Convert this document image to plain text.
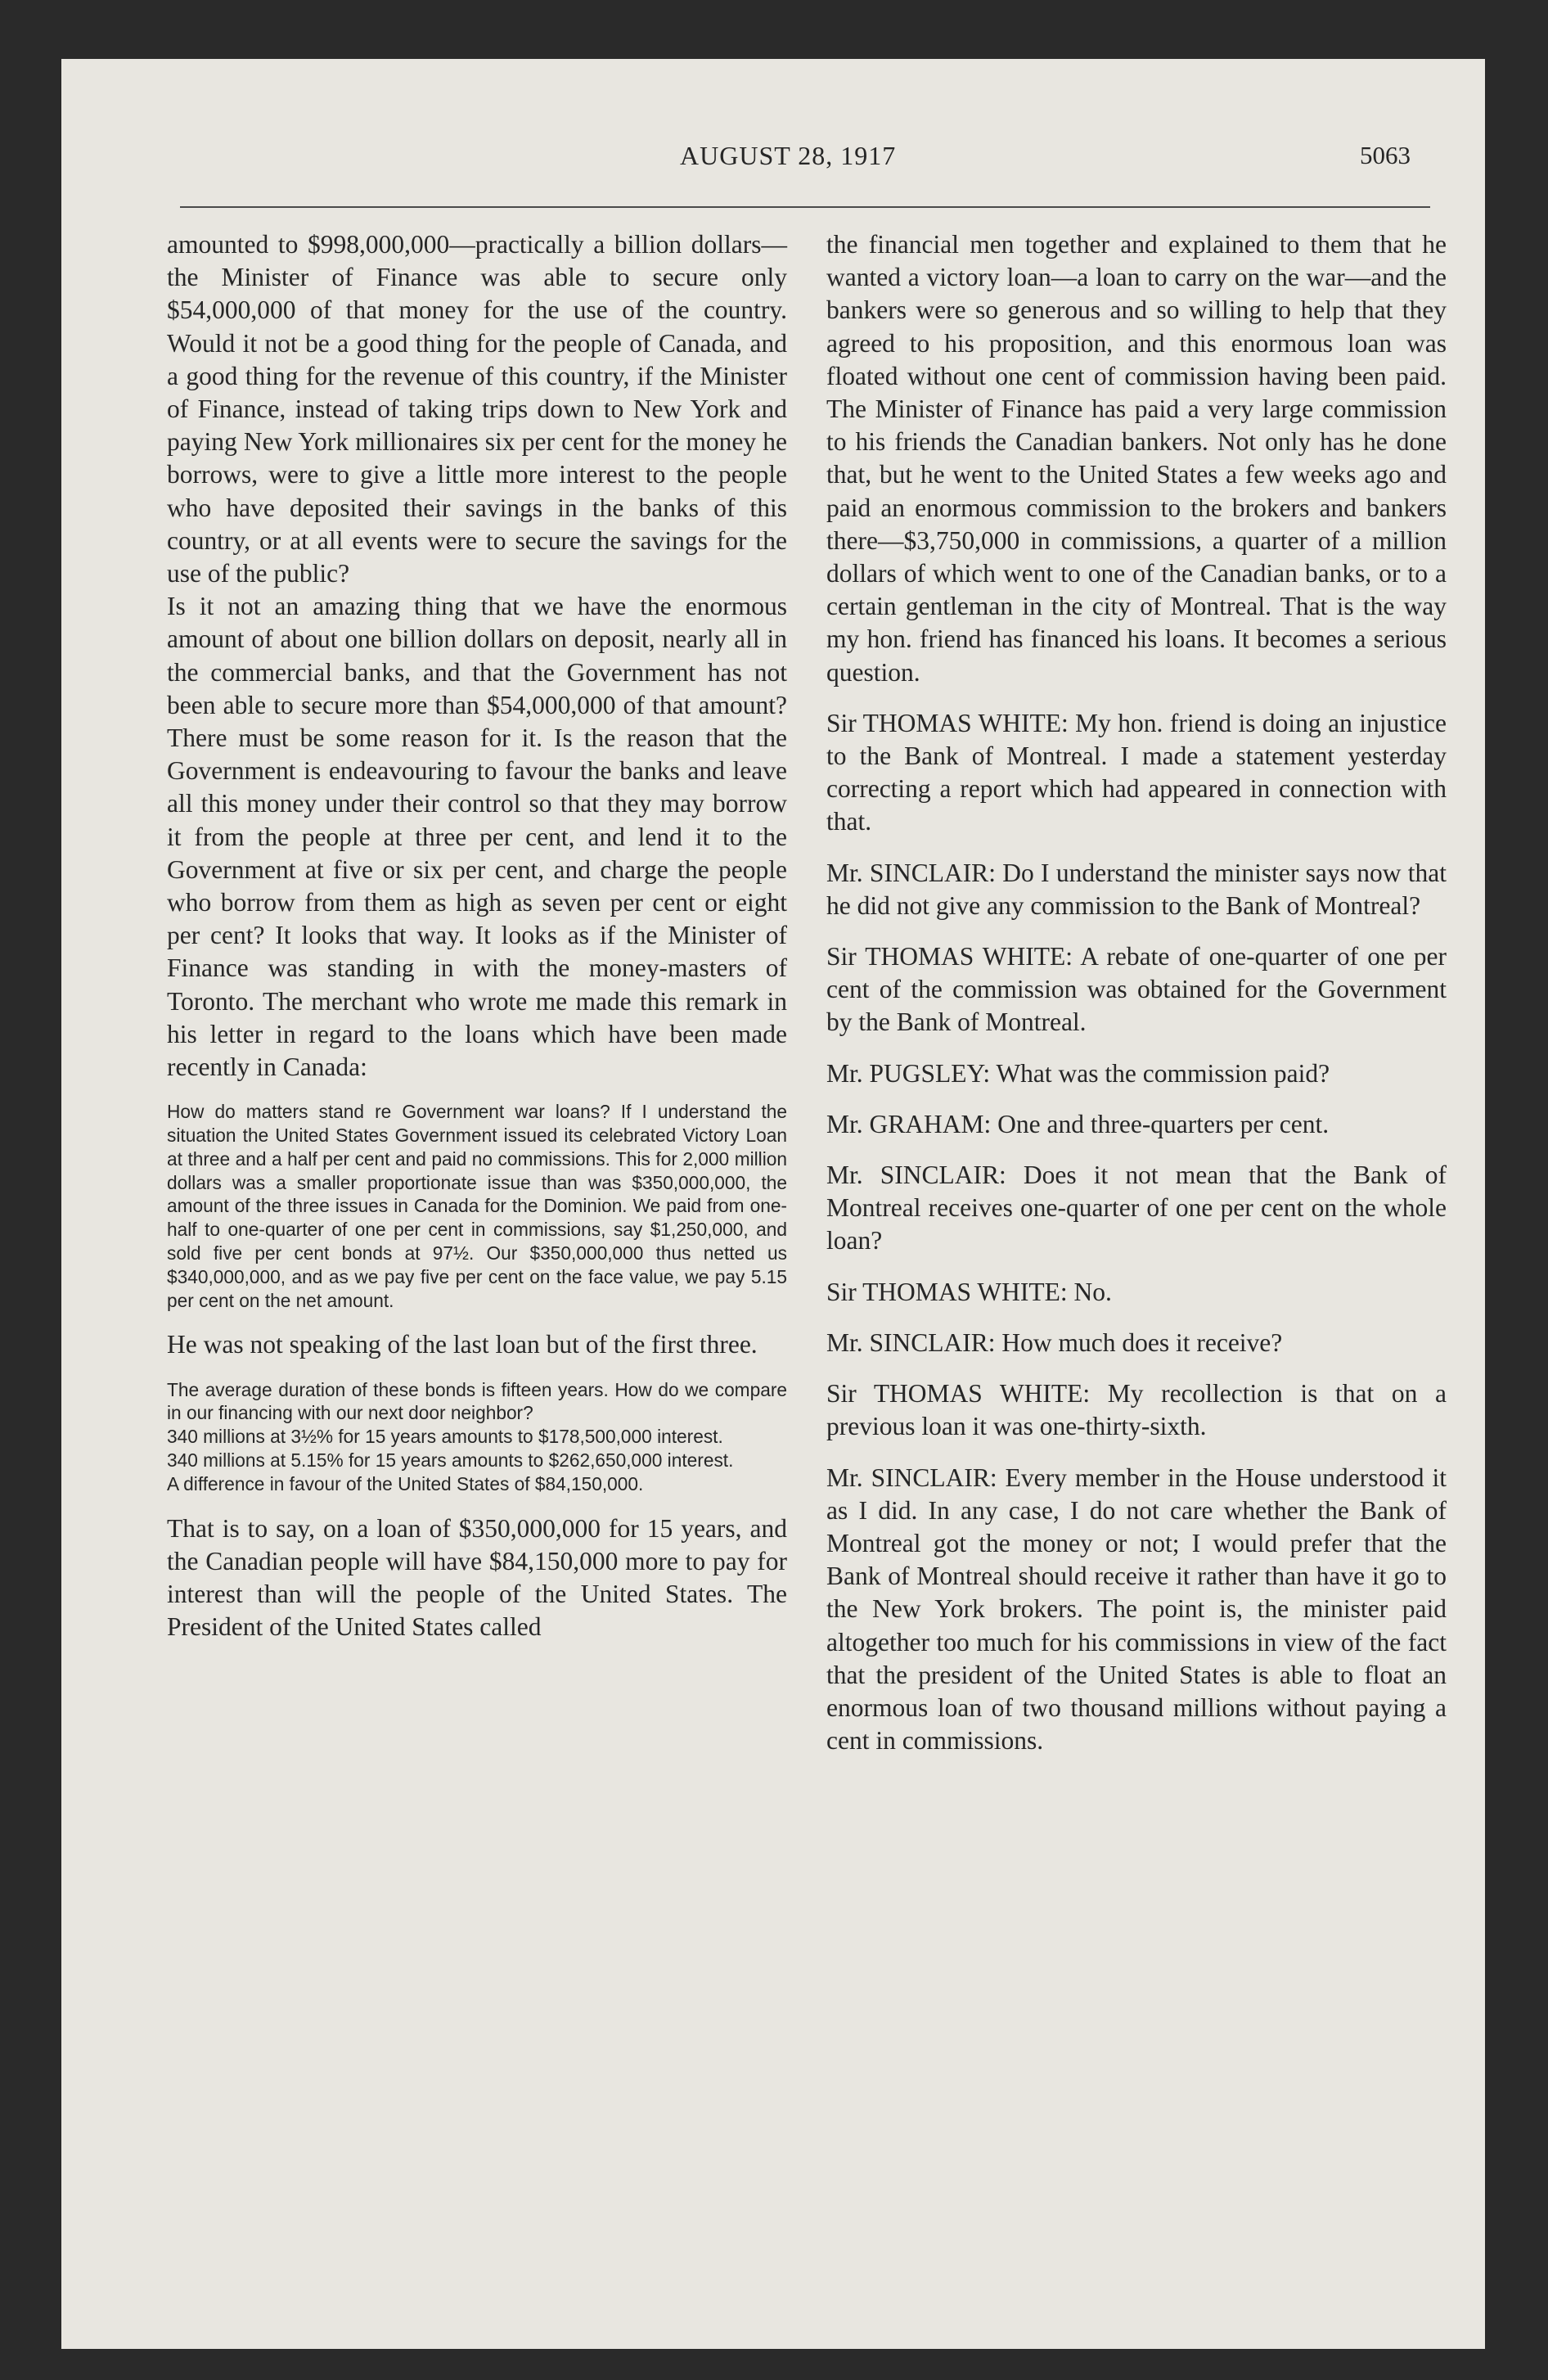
AUGUST 28, 1917	5063

amounted to $998,000,000—practically a billion dollars—the Minister of Finance was able to secure only $54,000,000 of that money for the use of the country. Would it not be a good thing for the people of Canada, and a good thing for the revenue of this country, if the Minister of Finance, instead of taking trips down to New York and paying New York millionaires six per cent for the money he borrows, were to give a little more interest to the people who have deposited their savings in the banks of this country, or at all events were to secure the savings for the use of the public?

Is it not an amazing thing that we have the enormous amount of about one billion dollars on deposit, nearly all in the commercial banks, and that the Government has not been able to secure more than $54,000,000 of that amount? There must be some reason for it. Is the reason that the Government is endeavouring to favour the banks and leave all this money under their control so that they may borrow it from the people at three per cent, and lend it to the Government at five or six per cent, and charge the people who borrow from them as high as seven per cent or eight per cent? It looks that way. It looks as if the Minister of Finance was standing in with the money-masters of Toronto. The merchant who wrote me made this remark in his letter in regard to the loans which have been made recently in Canada:

How do matters stand re Government war loans? If I understand the situation the United States Government issued its celebrated Victory Loan at three and a half per cent and paid no commissions. This for 2,000 million dollars was a smaller proportionate issue than was $350,000,000, the amount of the three issues in Canada for the Dominion. We paid from one-half to one-quarter of one per cent in commissions, say $1,250,000, and sold five per cent bonds at 97½. Our $350,000,000 thus netted us $340,000,000, and as we pay five per cent on the face value, we pay 5.15 per cent on the net amount.

He was not speaking of the last loan but of the first three.

The average duration of these bonds is fifteen years. How do we compare in our financing with our next door neighbor?

340 millions at 3½% for 15 years amounts to $178,500,000 interest.

340 millions at 5.15% for 15 years amounts to $262,650,000 interest.

A difference in favour of the United States of $84,150,000.

That is to say, on a loan of $350,000,000 for 15 years, and the Canadian people will have $84,150,000 more to pay for interest than will the people of the United States. The President of the United States called

the financial men together and explained to them that he wanted a victory loan—a loan to carry on the war—and the bankers were so generous and so willing to help that they agreed to his proposition, and this enormous loan was floated without one cent of commission having been paid. The Minister of Finance has paid a very large commission to his friends the Canadian bankers. Not only has he done that, but he went to the United States a few weeks ago and paid an enormous commission to the brokers and bankers there—$3,750,000 in commissions, a quarter of a million dollars of which went to one of the Canadian banks, or to a certain gentleman in the city of Montreal. That is the way my hon. friend has financed his loans. It becomes a serious question.

Sir THOMAS WHITE: My hon. friend is doing an injustice to the Bank of Montreal. I made a statement yesterday correcting a report which had appeared in connection with that.

Mr. SINCLAIR: Do I understand the minister says now that he did not give any commission to the Bank of Montreal?

Sir THOMAS WHITE: A rebate of one-quarter of one per cent of the commission was obtained for the Government by the Bank of Montreal.

Mr. PUGSLEY: What was the commission paid?

Mr. GRAHAM: One and three-quarters per cent.

Mr. SINCLAIR: Does it not mean that the Bank of Montreal receives one-quarter of one per cent on the whole loan?

Sir THOMAS WHITE: No.

Mr. SINCLAIR: How much does it receive?

Sir THOMAS WHITE: My recollection is that on a previous loan it was one-thirty-sixth.

Mr. SINCLAIR: Every member in the House understood it as I did. In any case, I do not care whether the Bank of Montreal got the money or not; I would prefer that the Bank of Montreal should receive it rather than have it go to the New York brokers. The point is, the minister paid altogether too much for his commissions in view of the fact that the president of the United States is able to float an enormous loan of two thousand millions without paying a cent in commissions.
